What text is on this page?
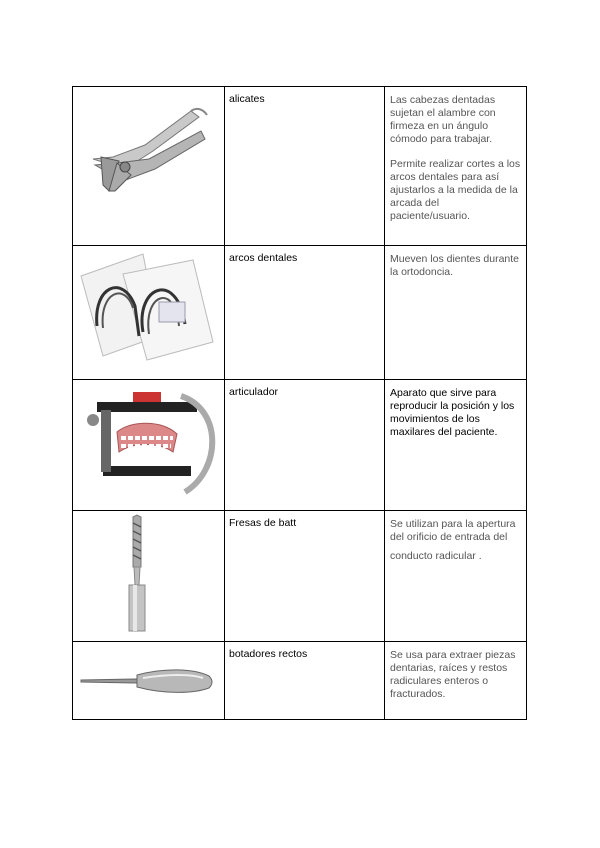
	alicates	Las cabezas dentadas sujetan el alambre con firmeza en un ángulo cómodo para trabajar.

Permite realizar cortes a los arcos dentales para así ajustarlos a la medida de la arcada del paciente/usuario.

	arcos dentales	Mueven los dientes durante la ortodoncia.

	articulador	Aparato que sirve para reproducir la posición y los movimientos de los maxilares del paciente.

	Fresas de batt	Se utilizan para la apertura del orificio de entrada del

conducto radicular .

	botadores rectos	Se usa para extraer piezas dentarias, raíces y restos radiculares enteros o fracturados.
